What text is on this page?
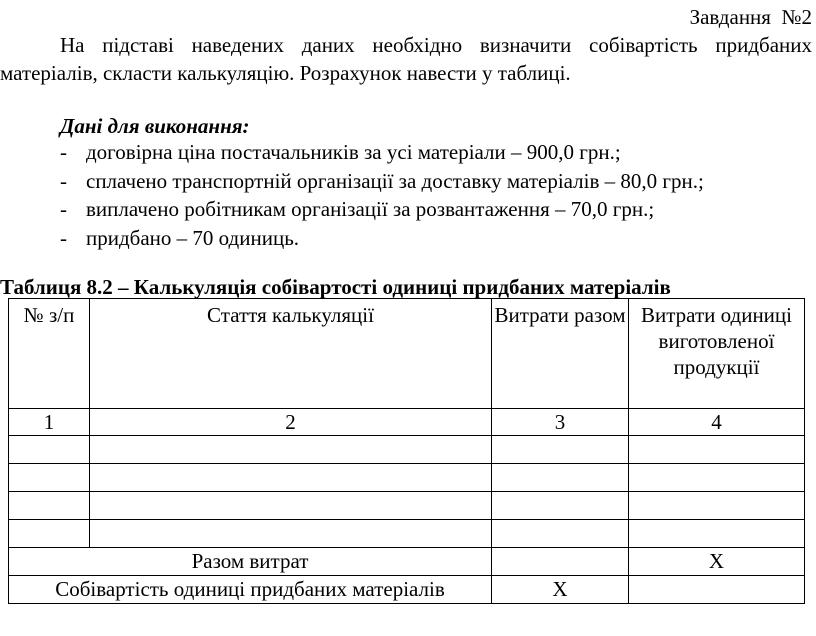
Завдання  №2

На підставі наведених даних необхідно визначити собівартість придбаних матеріалів, скласти калькуляцію. Розрахунок навести у таблиці.

Дані для виконання:

- договірна ціна постачальників за усі матеріали – 900,0 грн.;
- сплачено транспортній організації за доставку матеріалів – 80,0 грн.;
- виплачено робітникам організації за розвантаження – 70,0 грн.;
- придбано – 70 одиниць.

Таблиця 8.2 – Калькуляція собівартості одиниці придбаних матеріалів

№ з/п	Стаття калькуляції	Витрати разом	Витрати одиниці виготовленої продукції
1	2	3	4

Разом витрат			X
Собівартість одиниці придбаних матеріалів		X	
